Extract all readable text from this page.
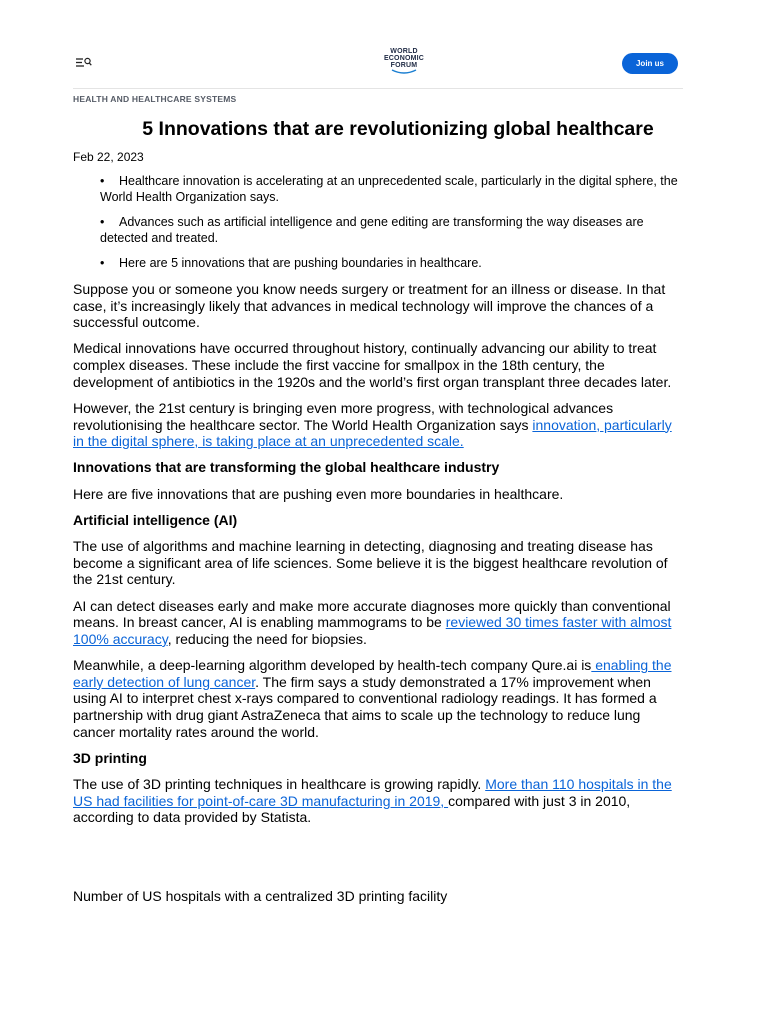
WORLD
ECONOMIC
FORUM	Join us
HEALTH AND HEALTHCARE SYSTEMS
5 Innovations that are revolutionizing global healthcare
Feb 22, 2023
• Healthcare innovation is accelerating at an unprecedented scale, particularly in the digital sphere, the World Health Organization says.
• Advances such as artificial intelligence and gene editing are transforming the way diseases are detected and treated.
• Here are 5 innovations that are pushing boundaries in healthcare.

Suppose you or someone you know needs surgery or treatment for an illness or disease. In that case, it’s increasingly likely that advances in medical technology will improve the chances of a successful outcome.

Medical innovations have occurred throughout history, continually advancing our ability to treat complex diseases. These include the first vaccine for smallpox in the 18th century, the development of antibiotics in the 1920s and the world’s first organ transplant three decades later.

However, the 21st century is bringing even more progress, with technological advances revolutionising the healthcare sector. The World Health Organization says innovation, particularly in the digital sphere, is taking place at an unprecedented scale.

Innovations that are transforming the global healthcare industry

Here are five innovations that are pushing even more boundaries in healthcare.

Artificial intelligence (AI)

The use of algorithms and machine learning in detecting, diagnosing and treating disease has become a significant area of life sciences. Some believe it is the biggest healthcare revolution of the 21st century.

AI can detect diseases early and make more accurate diagnoses more quickly than conventional means. In breast cancer, AI is enabling mammograms to be reviewed 30 times faster with almost 100% accuracy, reducing the need for biopsies.

Meanwhile, a deep-learning algorithm developed by health-tech company Qure.ai is enabling the early detection of lung cancer. The firm says a study demonstrated a 17% improvement when using AI to interpret chest x-rays compared to conventional radiology readings. It has formed a partnership with drug giant AstraZeneca that aims to scale up the technology to reduce lung cancer mortality rates around the world.

3D printing

The use of 3D printing techniques in healthcare is growing rapidly. More than 110 hospitals in the US had facilities for point-of-care 3D manufacturing in 2019, compared with just 3 in 2010, according to data provided by Statista.

Number of US hospitals with a centralized 3D printing facility
